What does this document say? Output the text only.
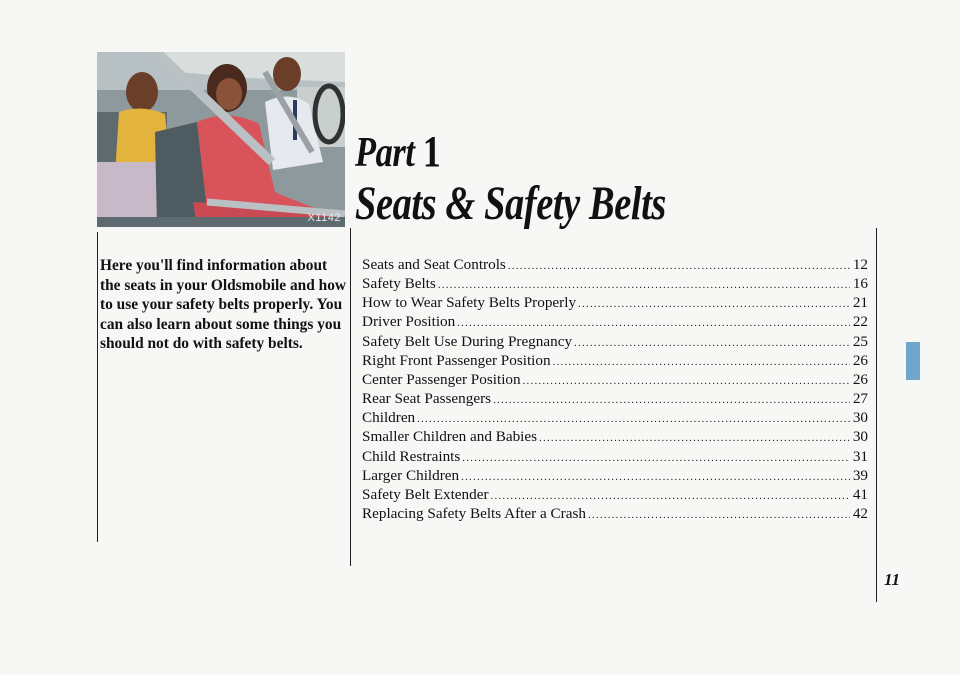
X1142
Part 1
Seats & Safety Belts
Here you'll find information about the seats in your Oldsmobile and how to use your safety belts properly. You can also learn about some things you should not do with safety belts.
Seats and Seat Controls .....	12
Safety Belts .....	16
How to Wear Safety Belts Properly .....	21
Driver Position .....	22
Safety Belt Use During Pregnancy .....	25
Right Front Passenger Position .....	26
Center Passenger Position .....	26
Rear Seat Passengers .....	27
Children .....	30
Smaller Children and Babies .....	30
Child Restraints .....	31
Larger Children .....	39
Safety Belt Extender .....	41
Replacing Safety Belts After a Crash .....	42
11
